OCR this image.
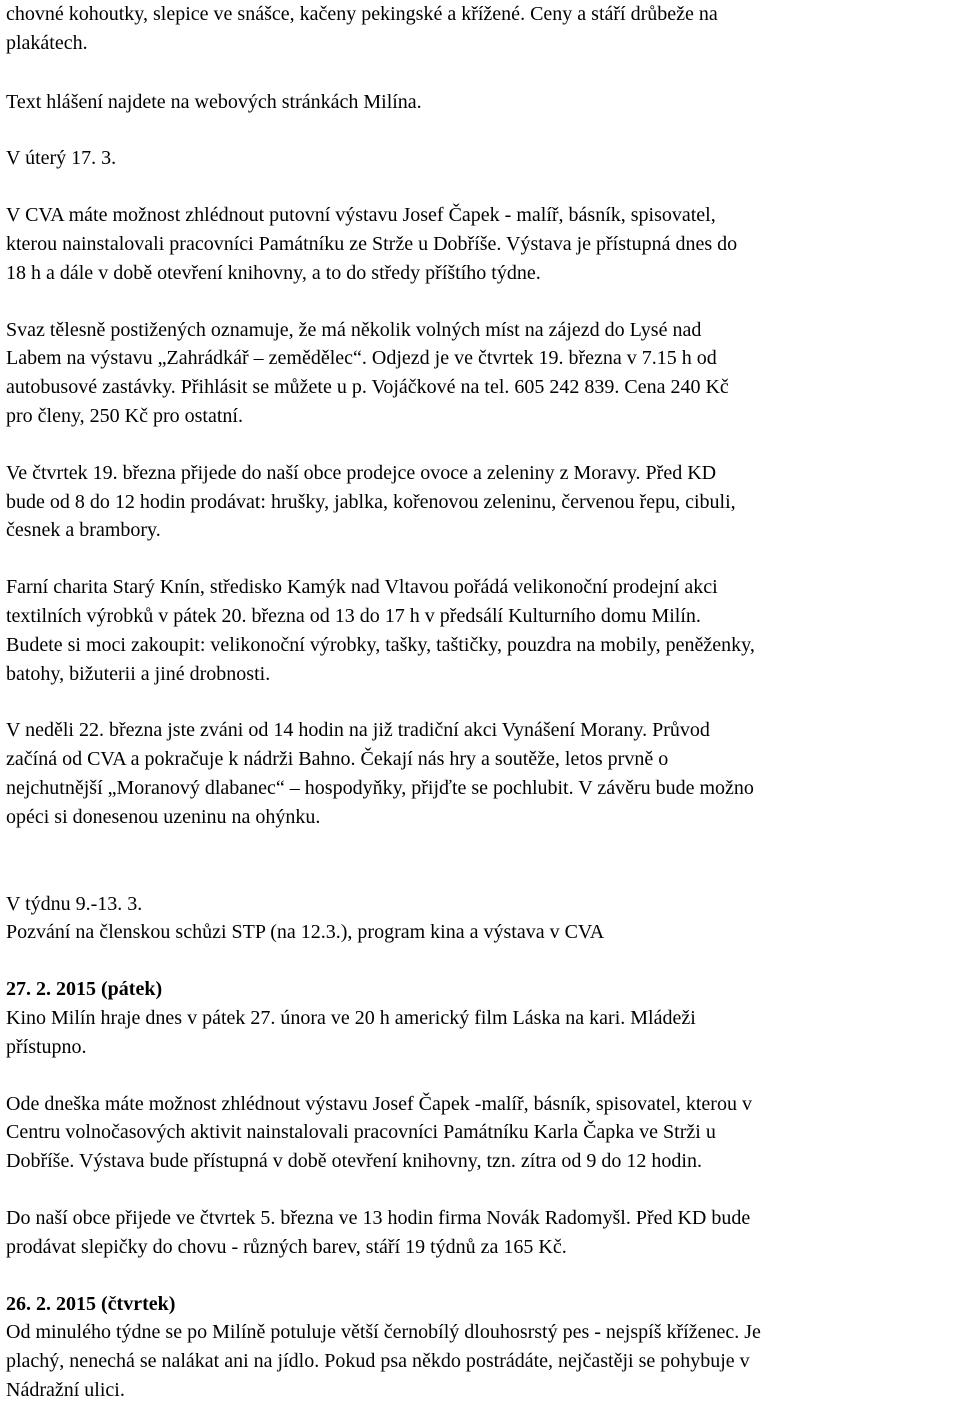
chovné kohoutky, slepice ve snášce, kačeny pekingské a křížené. Ceny a stáří drůbeže na
plakátech.

Text hlášení najdete na webových stránkách Milína.

V úterý 17. 3.

V CVA máte možnost zhlédnout putovní výstavu Josef Čapek - malíř, básník, spisovatel,
kterou nainstalovali pracovníci Památníku ze Strže u Dobříše. Výstava je přístupná dnes do
18 h a dále v době otevření knihovny, a to do středy příštího týdne.

Svaz tělesně postižených oznamuje, že má několik volných míst na zájezd do Lysé nad
Labem na výstavu „Zahrádkář – zemědělec“. Odjezd je ve čtvrtek 19. března v 7.15 h od
autobusové zastávky. Přihlásit se můžete u p. Vojáčkové na tel. 605 242 839. Cena 240 Kč
pro členy, 250 Kč pro ostatní.

Ve čtvrtek 19. března přijede do naší obce prodejce ovoce a zeleniny z Moravy. Před KD
bude od 8 do 12 hodin prodávat: hrušky, jablka, kořenovou zeleninu, červenou řepu, cibuli,
česnek a brambory.

Farní charita Starý Knín, středisko Kamýk nad Vltavou pořádá velikonoční prodejní akci
textilních výrobků v pátek 20. března od 13 do 17 h v předsálí Kulturního domu Milín.
Budete si moci zakoupit: velikonoční výrobky, tašky, taštičky, pouzdra na mobily, peněženky,
batohy, bižuterii a jiné drobnosti.

V neděli 22. března jste zváni od 14 hodin na již tradiční akci Vynášení Morany. Průvod
začíná od CVA a pokračuje k nádrži Bahno. Čekají nás hry a soutěže, letos prvně o
nejchutnější „Moranový dlabanec“ – hospodyňky, přijďte se pochlubit. V závěru bude možno
opéci si donesenou uzeninu na ohýnku.

V týdnu 9.-13. 3.
Pozvání na členskou schůzi STP (na 12.3.), program kina a výstava v CVA

27. 2. 2015 (pátek)
Kino Milín hraje dnes v pátek 27. února ve 20 h americký film Láska na kari. Mládeži
přístupno.

Ode dneška máte možnost zhlédnout výstavu Josef Čapek -malíř, básník, spisovatel, kterou v
Centru volnočasových aktivit nainstalovali pracovníci Památníku Karla Čapka ve Strži u
Dobříše. Výstava bude přístupná v době otevření knihovny, tzn. zítra od 9 do 12 hodin.

Do naší obce přijede ve čtvrtek 5. března ve 13 hodin firma Novák Radomyšl. Před KD bude
prodávat slepičky do chovu - různých barev, stáří 19 týdnů za 165 Kč.

26. 2. 2015 (čtvrtek)
Od minulého týdne se po Milíně potuluje větší černobílý dlouhosrstý pes - nejspíš kříženec. Je
plachý, nenechá se nalákat ani na jídlo. Pokud psa někdo postrádáte, nejčastěji se pohybuje v
Nádražní ulici.
